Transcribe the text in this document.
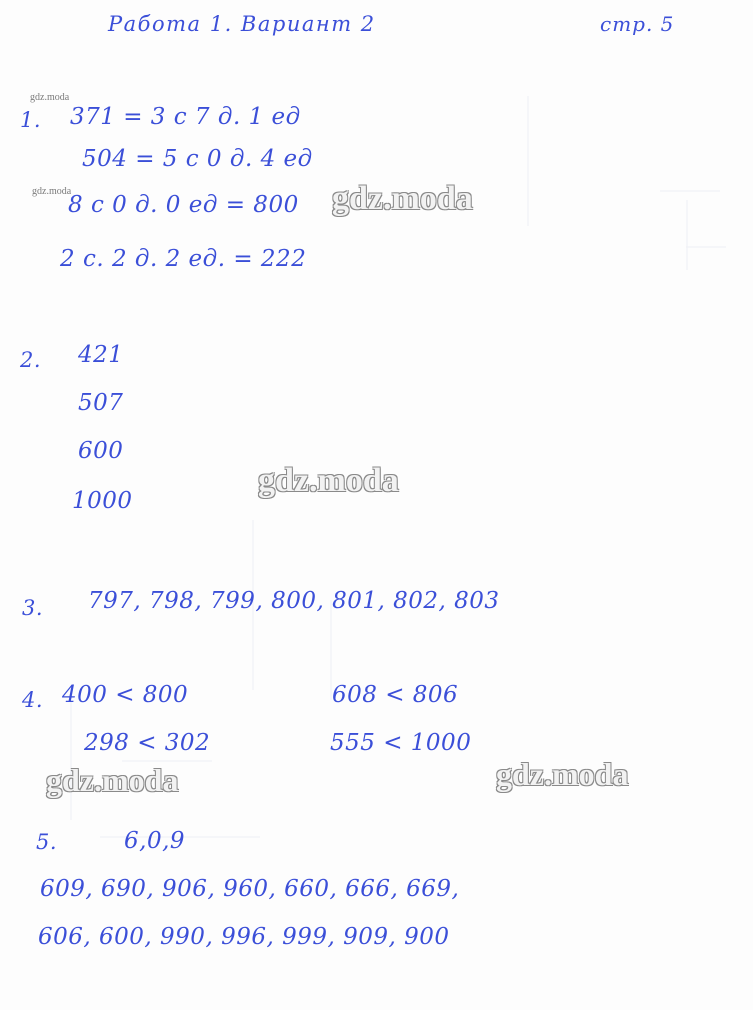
Работа 1. Вариант 2	стр. 5
gdz.moda
gdz.moda
1. 371 = 3 с 7 д. 1 ед
504 = 5 с 0 д. 4 ед
8 с 0 д. 0 ед = 800
2 с. 2 д. 2 ед. = 222
gdz.moda
2. 421
507
600
1000
gdz.moda
3. 797, 798, 799, 800, 801, 802, 803
4. 400 < 800	608 < 806
298 < 302	555 < 1000
gdz.moda	gdz.moda
5.	6,0,9
609, 690, 906, 960, 660, 666, 669,
606, 600, 990, 996, 999, 909, 900
